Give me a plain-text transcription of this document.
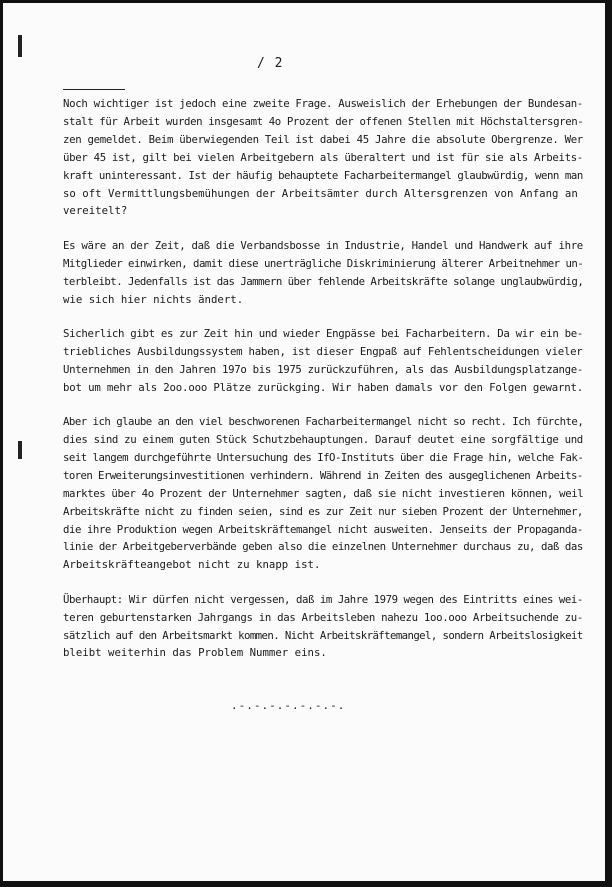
/ 2
Noch wichtiger ist jedoch eine zweite Frage. Ausweislich der Erhebungen der Bundesan-
stalt für Arbeit wurden insgesamt 4o Prozent der offenen Stellen mit Höchstaltersgren-
zen gemeldet. Beim überwiegenden Teil ist dabei 45 Jahre die absolute Obergrenze. Wer
über 45 ist, gilt bei vielen Arbeitgebern als überaltert und ist für sie als Arbeits-
kraft uninteressant. Ist der häufig behauptete Facharbeitermangel glaubwürdig, wenn man
so oft Vermittlungsbemühungen der Arbeitsämter durch Altersgrenzen von Anfang an
vereitelt?
Es wäre an der Zeit, daß die Verbandsbosse in Industrie, Handel und Handwerk auf ihre
Mitglieder einwirken, damit diese unerträgliche Diskriminierung älterer Arbeitnehmer un-
terbleibt. Jedenfalls ist das Jammern über fehlende Arbeitskräfte solange unglaubwürdig,
wie sich hier nichts ändert.
Sicherlich gibt es zur Zeit hin und wieder Engpässe bei Facharbeitern. Da wir ein be-
triebliches Ausbildungssystem haben, ist dieser Engpaß auf Fehlentscheidungen vieler
Unternehmen in den Jahren 197o bis 1975 zurückzuführen, als das Ausbildungsplatzange-
bot um mehr als 2oo.ooo Plätze zurückging. Wir haben damals vor den Folgen gewarnt.
Aber ich glaube an den viel beschworenen Facharbeitermangel nicht so recht. Ich fürchte,
dies sind zu einem guten Stück Schutzbehauptungen. Darauf deutet eine sorgfältige und
seit langem durchgeführte Untersuchung des IfO-Instituts über die Frage hin, welche Fak-
toren Erweiterungsinvestitionen verhindern. Während in Zeiten des ausgeglichenen Arbeits-
marktes über 4o Prozent der Unternehmer sagten, daß sie nicht investieren können, weil
Arbeitskräfte nicht zu finden seien, sind es zur Zeit nur sieben Prozent der Unternehmer,
die ihre Produktion wegen Arbeitskräftemangel nicht ausweiten. Jenseits der Propaganda-
linie der Arbeitgeberverbände geben also die einzelnen Unternehmer durchaus zu, daß das
Arbeitskräfteangebot nicht zu knapp ist.
Überhaupt: Wir dürfen nicht vergessen, daß im Jahre 1979 wegen des Eintritts eines wei-
teren geburtenstarken Jahrgangs in das Arbeitsleben nahezu 1oo.ooo Arbeitsuchende zu-
sätzlich auf den Arbeitsmarkt kommen. Nicht Arbeitskräftemangel, sondern Arbeitslosigkeit
bleibt weiterhin das Problem Nummer eins.
.-.-.-.-.-.-.-.
